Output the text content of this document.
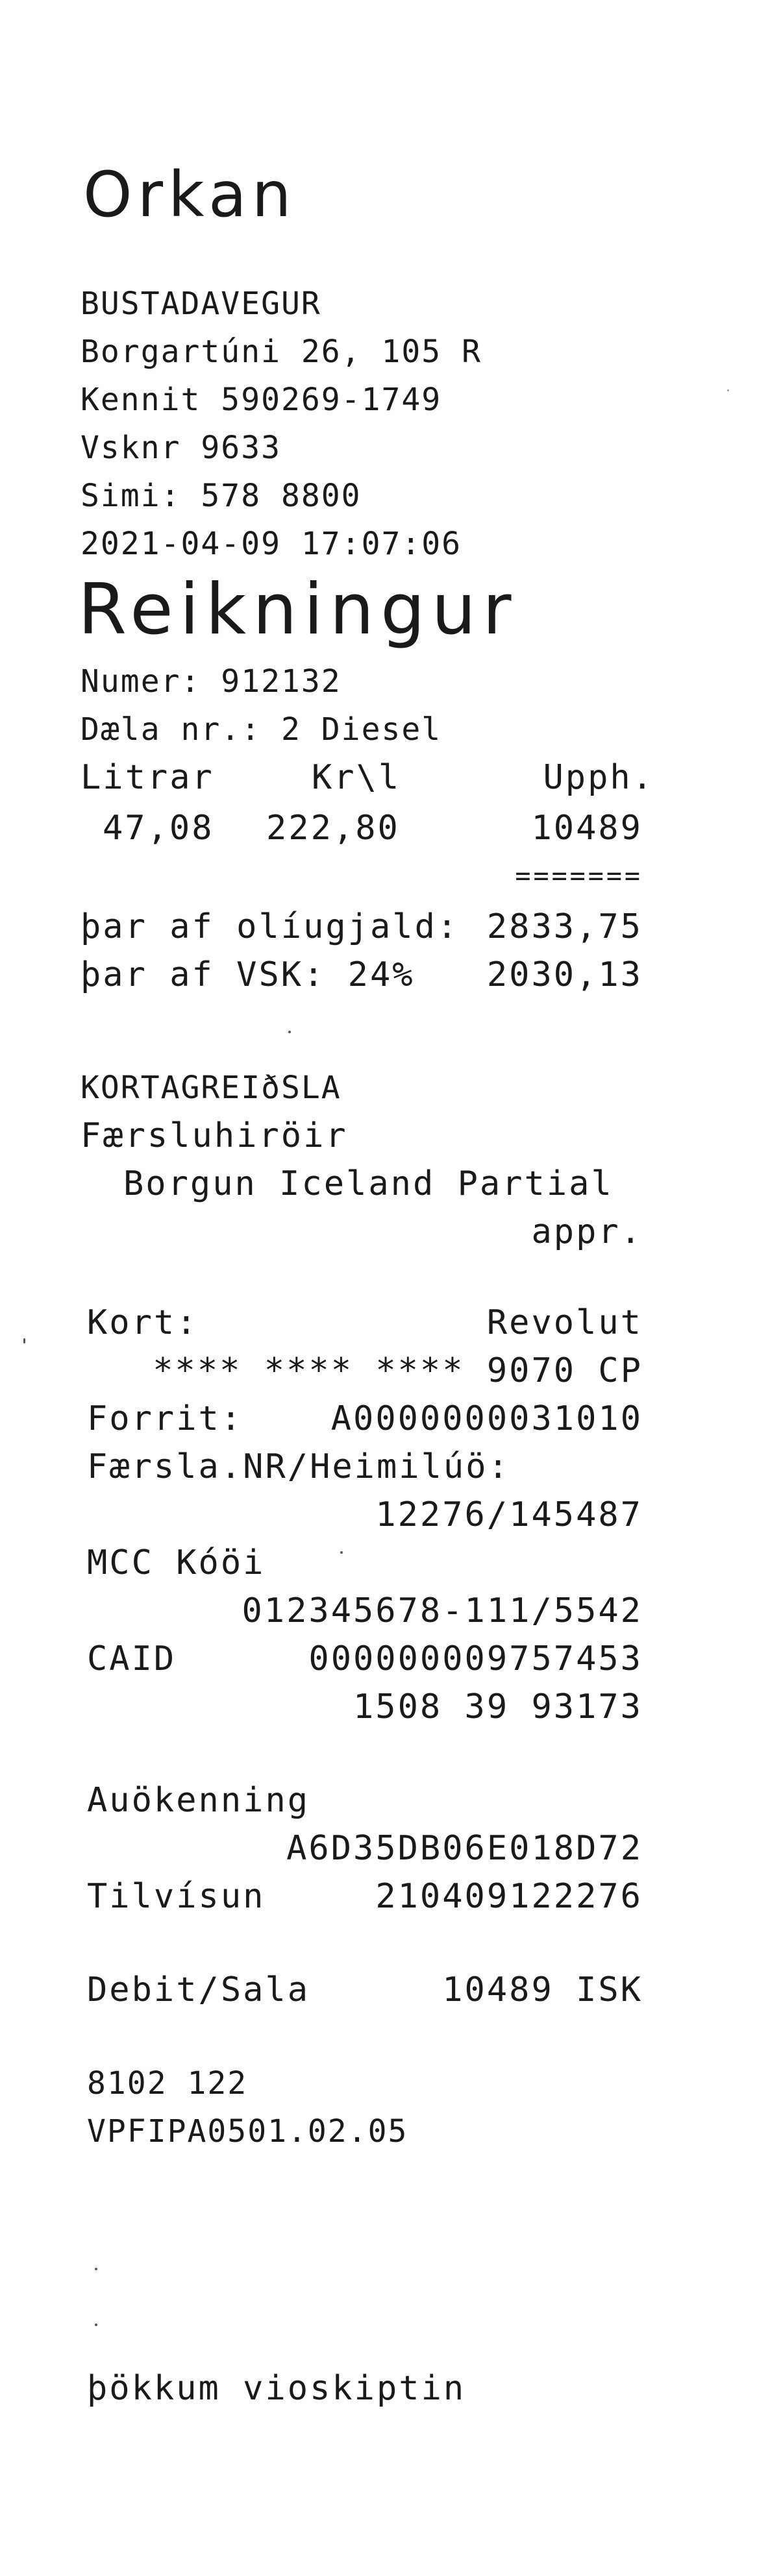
Orkan
BUSTADAVEGUR
Borgartúni 26, 105 R
Kennit 590269-1749
Vsknr 9633
Simi: 578 8800
2021-04-09 17:07:06
Reikningur
Numer: 912132
Dæla nr.: 2 Diesel
Litrar	Kr\l	Upph.
47,08 222,80	10489
=======
þar af olíugjald: 2833,75
þar af VSK: 24% 2030,13
KORTAGREIðSLA
Færsluhiröir
Borgun Iceland Partial
appr.
Kort:	Revolut
**** **** **** 9070 CP
Forrit:	A0000000031010
Færsla.NR/Heimilúö:
12276/145487
MCC Kóöi
012345678-111/5542
CAID	000000009757453
1508 39 93173
Auökenning
A6D35DB06E018D72
Tilvísun	210409122276
Debit/Sala	10489 ISK
8102 122
VPFIPA0501.02.05
þökkum vioskiptin
